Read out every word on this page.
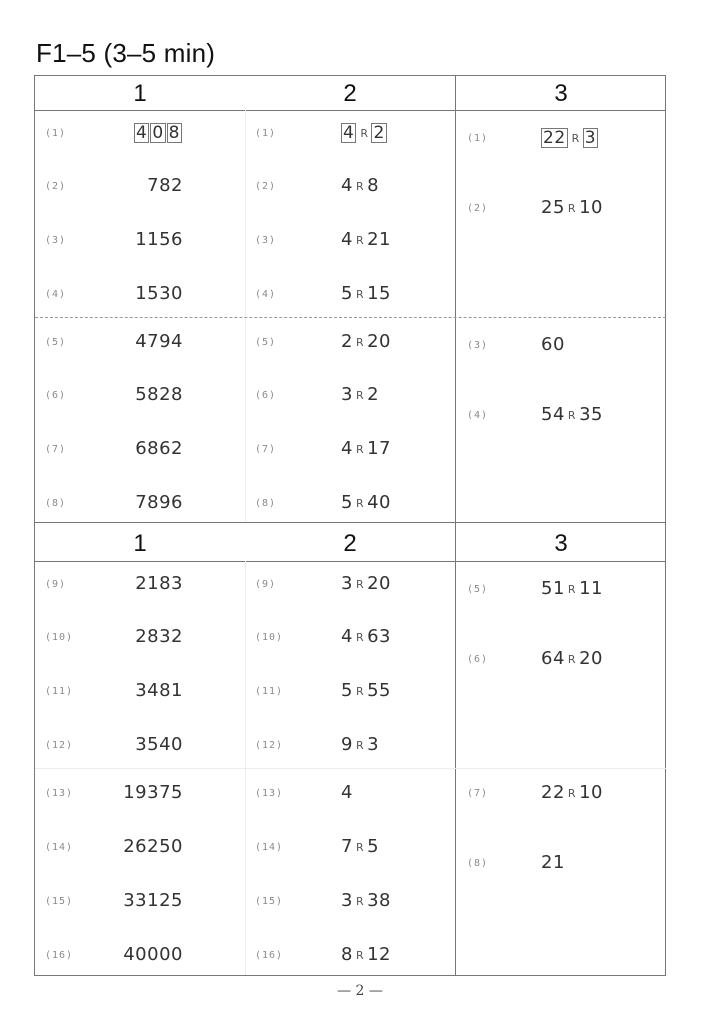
F1–5 (3–5 min)
1	2	3
(1)	4 0 8
(2)	782
(3)	1156
(4)	1530
(5)	4794
(6)	5828
(7)	6862
(8)	7896
(1)	4 R 2
(2)	4 R 8
(3)	4 R 21
(4)	5 R 15
(5)	2 R 20
(6)	3 R 2
(7)	4 R 17
(8)	5 R 40
(1)	22 R 3
(2)	25 R 10
(3)	60
(4)	54 R 35
1	2	3
(9)	2183
(10)	2832
(11)	3481
(12)	3540
(13)	19375
(14)	26250
(15)	33125
(16)	40000
(9)	3 R 20
(10)	4 R 63
(11)	5 R 55
(12)	9 R 3
(13)	4
(14)	7 R 5
(15)	3 R 38
(16)	8 R 12
(5)	51 R 11
(6)	64 R 20
(7)	22 R 10
(8)	21
— 2 —
